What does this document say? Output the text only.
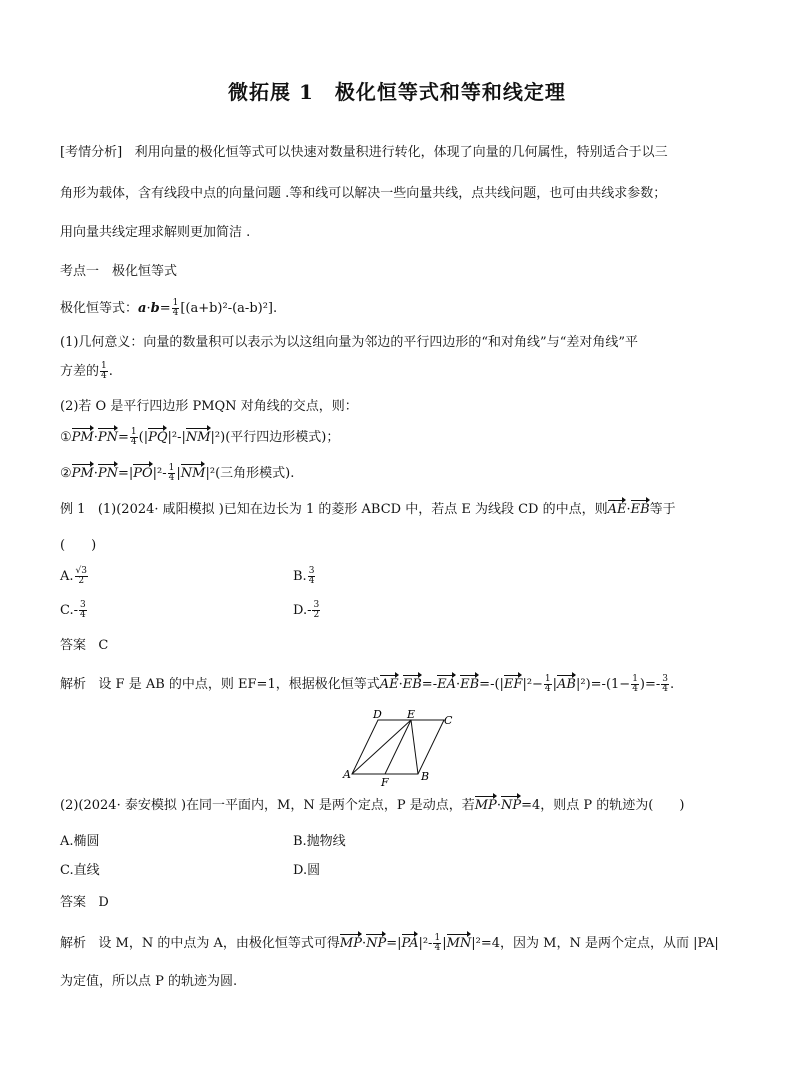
微拓展 1　极化恒等式和等和线定理
[考情分析] 利用向量的极化恒等式可以快速对数量积进行转化，体现了向量的几何属性，特别适合于以三
角形为载体，含有线段中点的向量问题 .等和线可以解决一些向量共线，点共线问题，也可由共线求参数；
用向量共线定理求解则更加简洁 .
考点一　极化恒等式
极化恒等式：$a\cdot b= \frac{1}{4} [(a+b)^2-(a-b)^2]$.
(1)几何意义：向量的数量积可以表示为以这组向量为邻边的平行四边形的“和对角线”与“差对角线”平
方差的 $\frac{1}{4}$ .
(2)若 O 是平行四边形 PMQN 对角线的交点，则：
①PM·PN= $\frac{1}{4} (|PQ|^2-|NM|^2)$(平行四边形模式)；
②PM·PN=|PO|²- $\frac{1}{4} |NM|^2$(三角形模式).
例 1 (1)(2024· 咸阳模拟 )已知在边长为 1 的菱形 ABCD 中，若点 E 为线段 CD 的中点，则AE·EB等于
(　　)
A. $\frac{√3}{2}$	B. $\frac{3}{4}$
$C.- \frac{3}{4}$	$D.- \frac{3}{2}$
答案 C
解析 设 F 是 AB 的中点，则 EF=1，根据极化恒等式$AE\cdot EB=-EA\cdot EB=-(|EF|^2- \frac{1}{4} |AB|^2)=-(1- \frac{1}{4}$ )=- $\frac{3}{4}$ .
A	B
C
D E
F
(2)(2024· 泰安模拟 )在同一平面内，M，N 是两个定点，P 是动点，若MP·NP=4，则点 P 的轨迹为(　　)
A.椭圆	B.抛物线
C.直线	D.圆
答案 D
解析 设 M，N 的中点为 A，由极化恒等式可得$MP\cdot NP=|PA|^2- \frac{1}{4} |MN|^2=4$，因为 M，N 是两个定点，从而 |PA|
为定值，所以点 P 的轨迹为圆.
